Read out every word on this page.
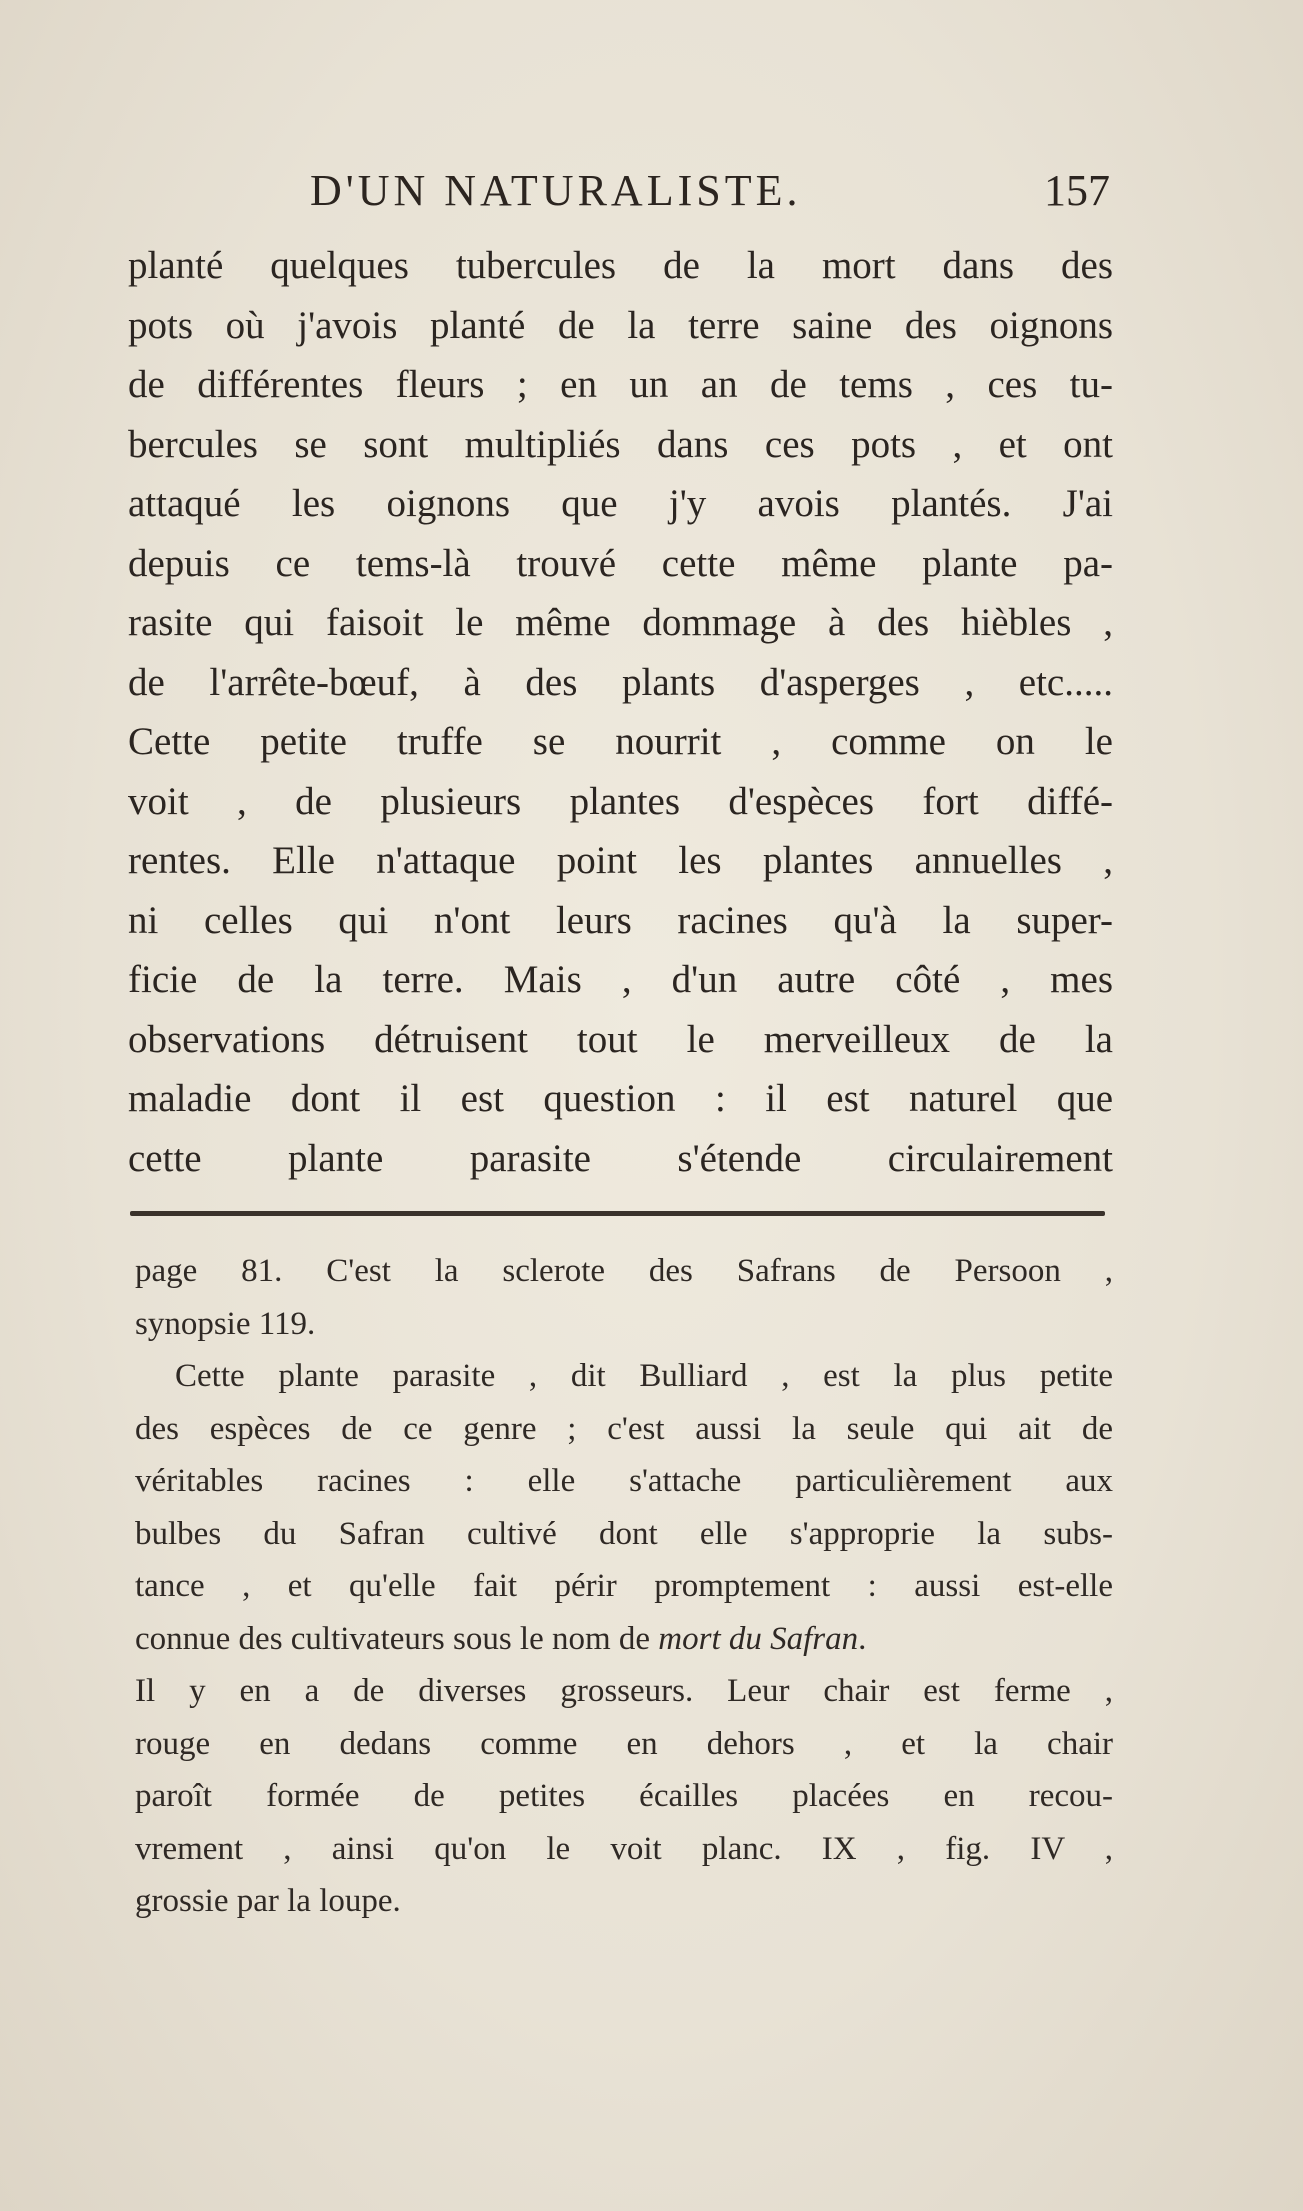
D'UN NATURALISTE.	157
planté quelques tubercules de la mort dans des
pots où j'avois planté de la terre saine des oignons
de différentes fleurs ; en un an de tems , ces tu-
bercules se sont multipliés dans ces pots , et ont
attaqué les oignons que j'y avois plantés. J'ai
depuis ce tems-là trouvé cette même plante pa-
rasite qui faisoit le même dommage à des hièbles ,
de l'arrête-bœuf, à des plants d'asperges , etc.....
Cette petite truffe se nourrit , comme on le
voit , de plusieurs plantes d'espèces fort diffé-
rentes. Elle n'attaque point les plantes annuelles ,
ni celles qui n'ont leurs racines qu'à la super-
ficie de la terre. Mais , d'un autre côté , mes
observations détruisent tout le merveilleux de la
maladie dont il est question : il est naturel que
cette plante parasite s'étende circulairement
page 81. C'est la sclerote des Safrans de Persoon ,
synopsie 119.
Cette plante parasite , dit Bulliard , est la plus petite
des espèces de ce genre ; c'est aussi la seule qui ait de
véritables racines : elle s'attache particulièrement aux
bulbes du Safran cultivé dont elle s'approprie la subs-
tance , et qu'elle fait périr promptement : aussi est-elle
connue des cultivateurs sous le nom de mort du Safran.
Il y en a de diverses grosseurs. Leur chair est ferme ,
rouge en dedans comme en dehors , et la chair
paroît formée de petites écailles placées en recou-
vrement , ainsi qu'on le voit planc. IX , fig. IV ,
grossie par la loupe.
